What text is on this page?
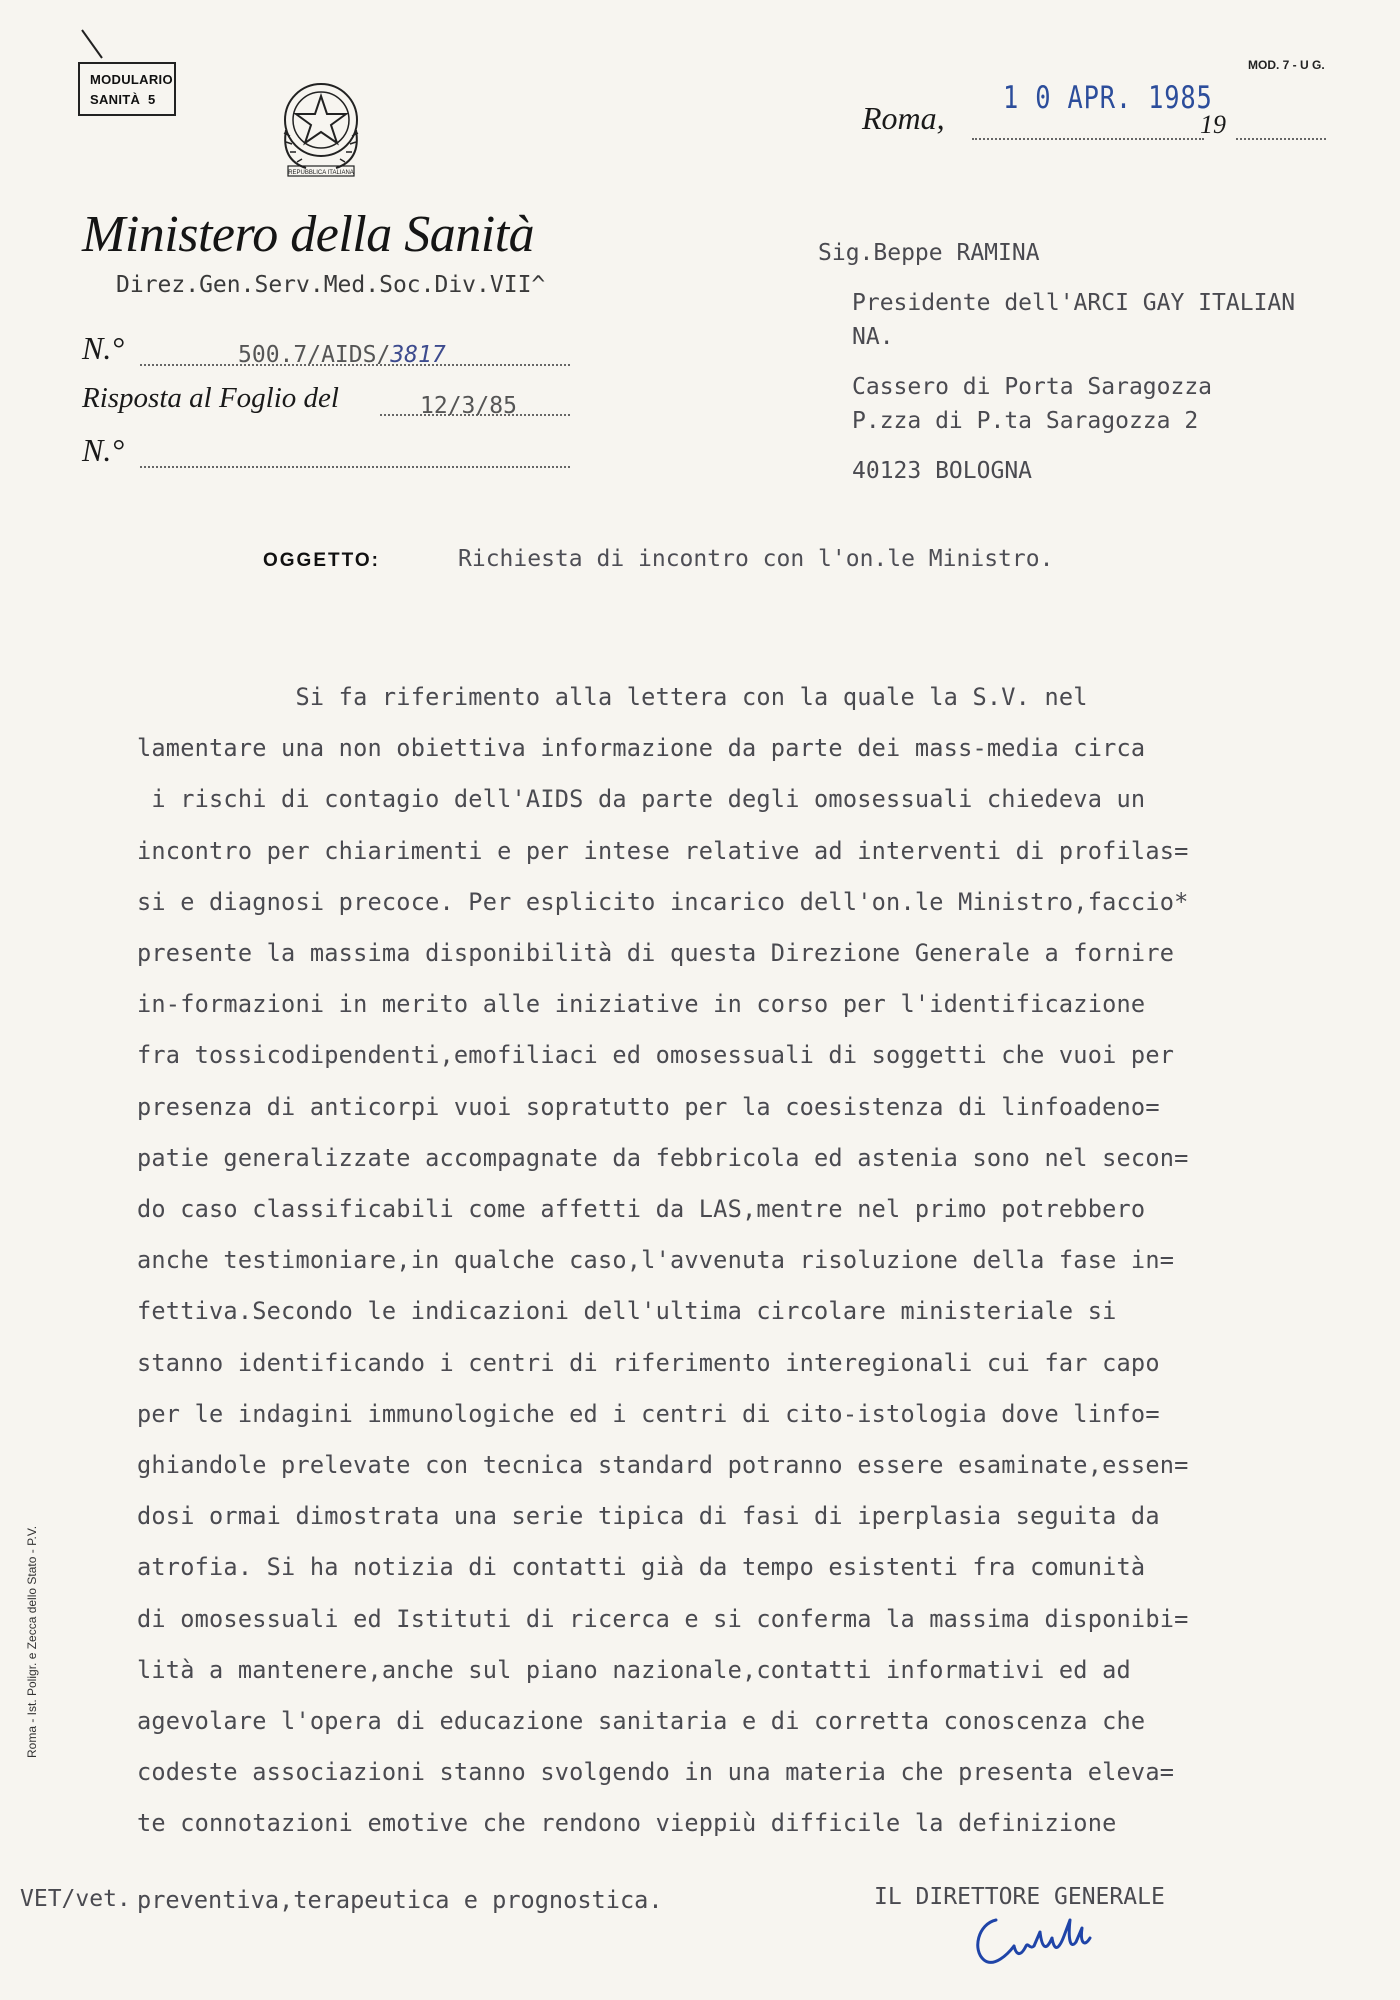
MODULARIO
SANITÀ  5
MOD. 7 - U G.
REPUBBLICA ITALIANA
Ministero della Sanità
Direz.Gen.Serv.Med.Soc.Div.VII^
N.°	500.7/AIDS/3817
Risposta al Foglio del	12/3/85
N.°
Roma,	19
1 0 APR. 1985
Sig.Beppe RAMINA
Presidente dell'ARCI GAY ITALIAN
NA.
Cassero di Porta Saragozza
P.zza di P.ta Saragozza 2
40123 BOLOGNA
OGGETTO:	Richiesta di incontro con l'on.le Ministro.
Si fa riferimento alla lettera con la quale la S.V. nel
lamentare una non obiettiva informazione da parte dei mass-media circa
i rischi di contagio dell'AIDS da parte degli omosessuali chiedeva un
incontro per chiarimenti e per intese relative ad interventi di profilas=
si e diagnosi precoce. Per esplicito incarico dell'on.le Ministro,faccio*
presente la massima disponibilità di questa Direzione Generale a fornire
in-formazioni in merito alle iniziative in corso per l'identificazione
fra tossicodipendenti,emofiliaci ed omosessuali di soggetti che vuoi per
presenza di anticorpi vuoi sopratutto per la coesistenza di linfoadeno=
patie generalizzate accompagnate da febbricola ed astenia sono nel secon=
do caso classificabili come affetti da LAS,mentre nel primo potrebbero
anche testimoniare,in qualche caso,l'avvenuta risoluzione della fase in=
fettiva.Secondo le indicazioni dell'ultima circolare ministeriale si
stanno identificando i centri di riferimento interegionali cui far capo
per le indagini immunologiche ed i centri di cito-istologia dove linfo=
ghiandole prelevate con tecnica standard potranno essere esaminate,essen=
dosi ormai dimostrata una serie tipica di fasi di iperplasia seguita da
atrofia. Si ha notizia di contatti già da tempo esistenti fra comunità
di omosessuali ed Istituti di ricerca e si conferma la massima disponibi=
lità a mantenere,anche sul piano nazionale,contatti informativi ed ad
agevolare l'opera di educazione sanitaria e di corretta conoscenza che
codeste associazioni stanno svolgendo in una materia che presenta eleva=
te connotazioni emotive che rendono vieppiù difficile la definizione
Roma - Ist. Poligr. e Zecca dello Stato - P.V.
VET/vet. preventiva,terapeutica e prognostica.	IL DIRETTORE GENERALE
